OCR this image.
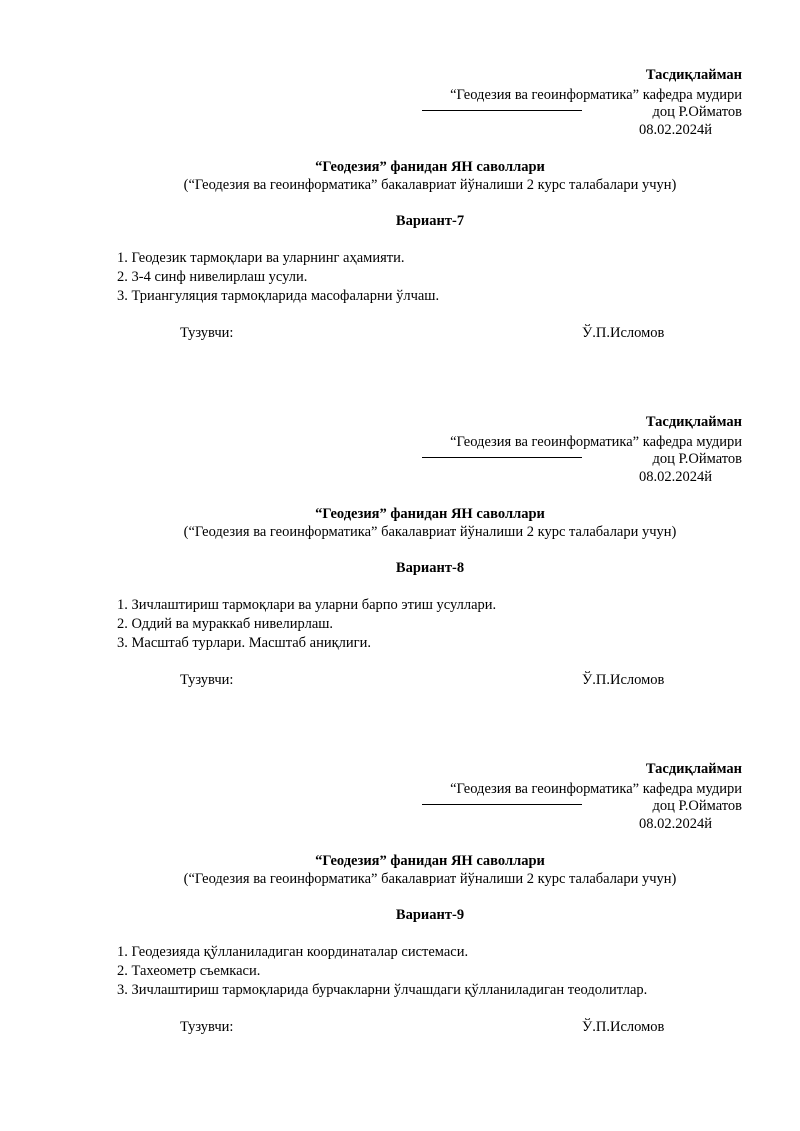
Тасдиқлайман
“Геодезия ва геоинформатика” кафедра мудири
доц Р.Ойматов
08.02.2024й
“Геодезия” фанидан ЯН саволлари
(“Геодезия ва геоинформатика” бакалавриат йўналиши 2 курс талабалари учун)
Вариант-7
1. Геодезик тармоқлари ва уларнинг аҳамияти.
2. 3-4 синф нивелирлаш усули.
3. Триангуляция тармоқларида масофаларни ўлчаш.
Тузувчи:	Ў.П.Исломов
Тасдиқлайман
“Геодезия ва геоинформатика” кафедра мудири
доц Р.Ойматов
08.02.2024й
“Геодезия” фанидан ЯН саволлари
(“Геодезия ва геоинформатика” бакалавриат йўналиши 2 курс талабалари учун)
Вариант-8
1. Зичлаштириш тармоқлари ва уларни барпо этиш усуллари.
2. Оддий ва мураккаб нивелирлаш.
3. Масштаб турлари. Масштаб аниқлиги.
Тузувчи:	Ў.П.Исломов
Тасдиқлайман
“Геодезия ва геоинформатика” кафедра мудири
доц Р.Ойматов
08.02.2024й
“Геодезия” фанидан ЯН саволлари
(“Геодезия ва геоинформатика” бакалавриат йўналиши 2 курс талабалари учун)
Вариант-9
1. Геодезияда қўлланиладиган координаталар системаси.
2. Тахеометр съемкаси.
3. Зичлаштириш тармоқларида бурчакларни ўлчашдаги қўлланиладиган теодолитлар.
Тузувчи:	Ў.П.Исломов
